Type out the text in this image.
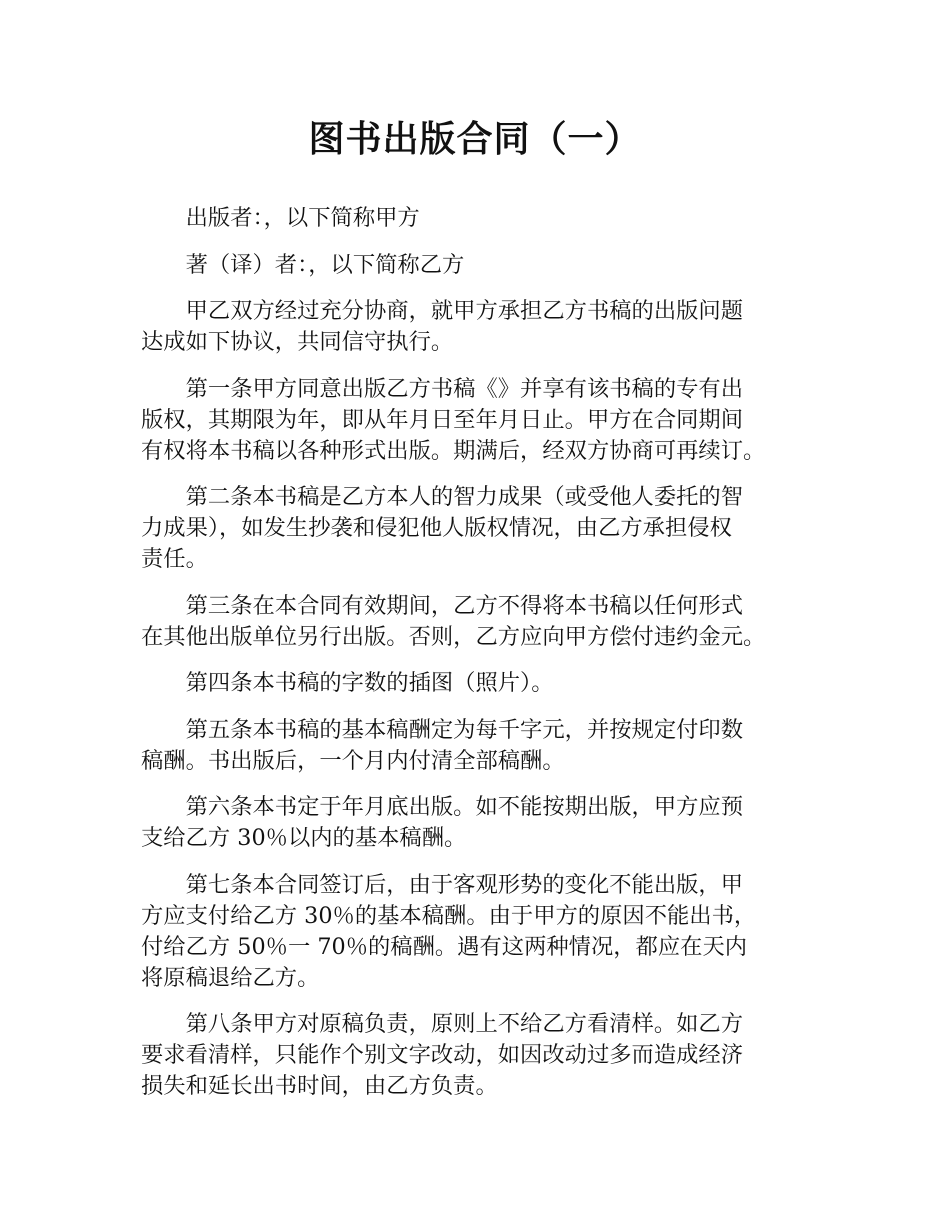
图书出版合同（一）

出版者：，以下简称甲方

著（译）者：，以下简称乙方

甲乙双方经过充分协商，就甲方承担乙方书稿的出版问题
达成如下协议，共同信守执行。

第一条甲方同意出版乙方书稿《》并享有该书稿的专有出
版权，其期限为年，即从年月日至年月日止。甲方在合同期间
有权将本书稿以各种形式出版。期满后，经双方协商可再续订。

第二条本书稿是乙方本人的智力成果（或受他人委托的智
力成果），如发生抄袭和侵犯他人版权情况，由乙方承担侵权
责任。

第三条在本合同有效期间，乙方不得将本书稿以任何形式
在其他出版单位另行出版。否则，乙方应向甲方偿付违约金元。

第四条本书稿的字数的插图（照片）。

第五条本书稿的基本稿酬定为每千字元，并按规定付印数
稿酬。书出版后，一个月内付清全部稿酬。

第六条本书定于年月底出版。如不能按期出版，甲方应预
支给乙方 30％以内的基本稿酬。

第七条本合同签订后，由于客观形势的变化不能出版，甲
方应支付给乙方 30％的基本稿酬。由于甲方的原因不能出书，
付给乙方 50％一 70％的稿酬。遇有这两种情况，都应在天内
将原稿退给乙方。

第八条甲方对原稿负责，原则上不给乙方看清样。如乙方
要求看清样，只能作个别文字改动，如因改动过多而造成经济
损失和延长出书时间，由乙方负责。
